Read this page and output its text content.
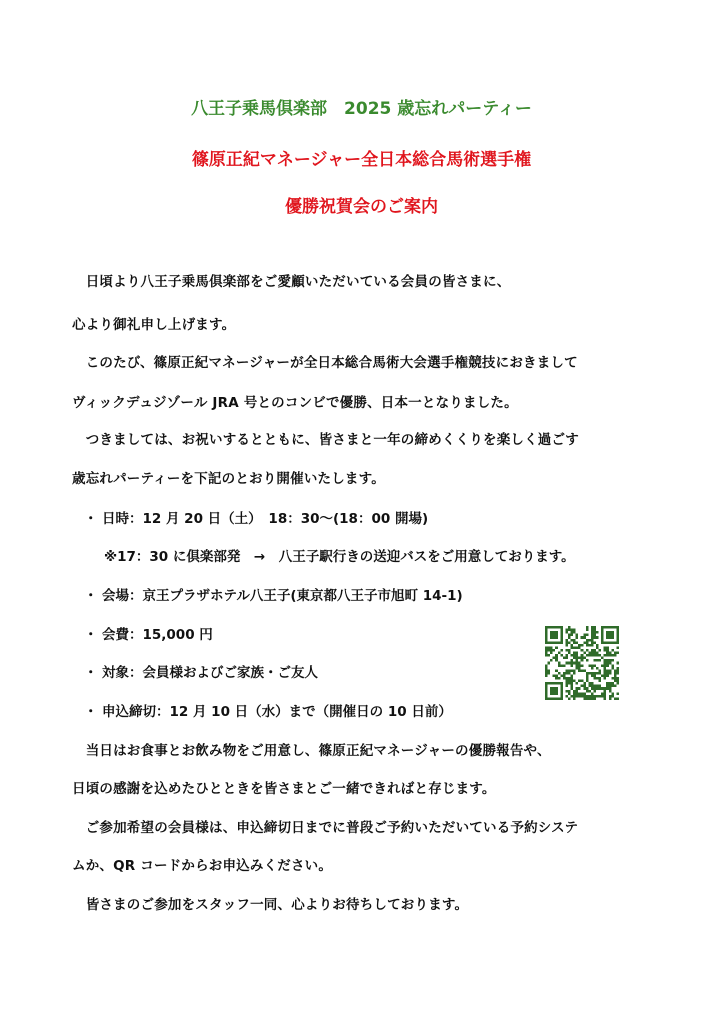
八王子乗馬倶楽部　2025 歳忘れパーティー
篠原正紀マネージャー全日本総合馬術選手権
優勝祝賀会のご案内
　日頃より八王子乗馬倶楽部をご愛顧いただいている会員の皆さまに、
心より御礼申し上げます。
　このたび、篠原正紀マネージャーが全日本総合馬術大会選手権競技におきまして
ヴィックデュジゾール JRA 号とのコンビで優勝、日本一となりました。
　つきましては、お祝いするとともに、皆さまと一年の締めくくりを楽しく過ごす
歳忘れパーティーを下記のとおり開催いたします。
・ 日時：12 月 20 日（土）　18：30～(18：00 開場)
※17：30 に倶楽部発　→　八王子駅行きの送迎バスをご用意しております。
・ 会場：京王プラザホテル八王子(東京都八王子市旭町 14-1)
・ 会費：15,000 円
・ 対象：会員様およびご家族・ご友人
・ 申込締切：12 月 10 日（水）まで（開催日の 10 日前）
　当日はお食事とお飲み物をご用意し、篠原正紀マネージャーの優勝報告や、
日頃の感謝を込めたひとときを皆さまとご一緒できればと存じます。
　ご参加希望の会員様は、申込締切日までに普段ご予約いただいている予約システ
ムか、QR コードからお申込みください。
　皆さまのご参加をスタッフ一同、心よりお待ちしております。
